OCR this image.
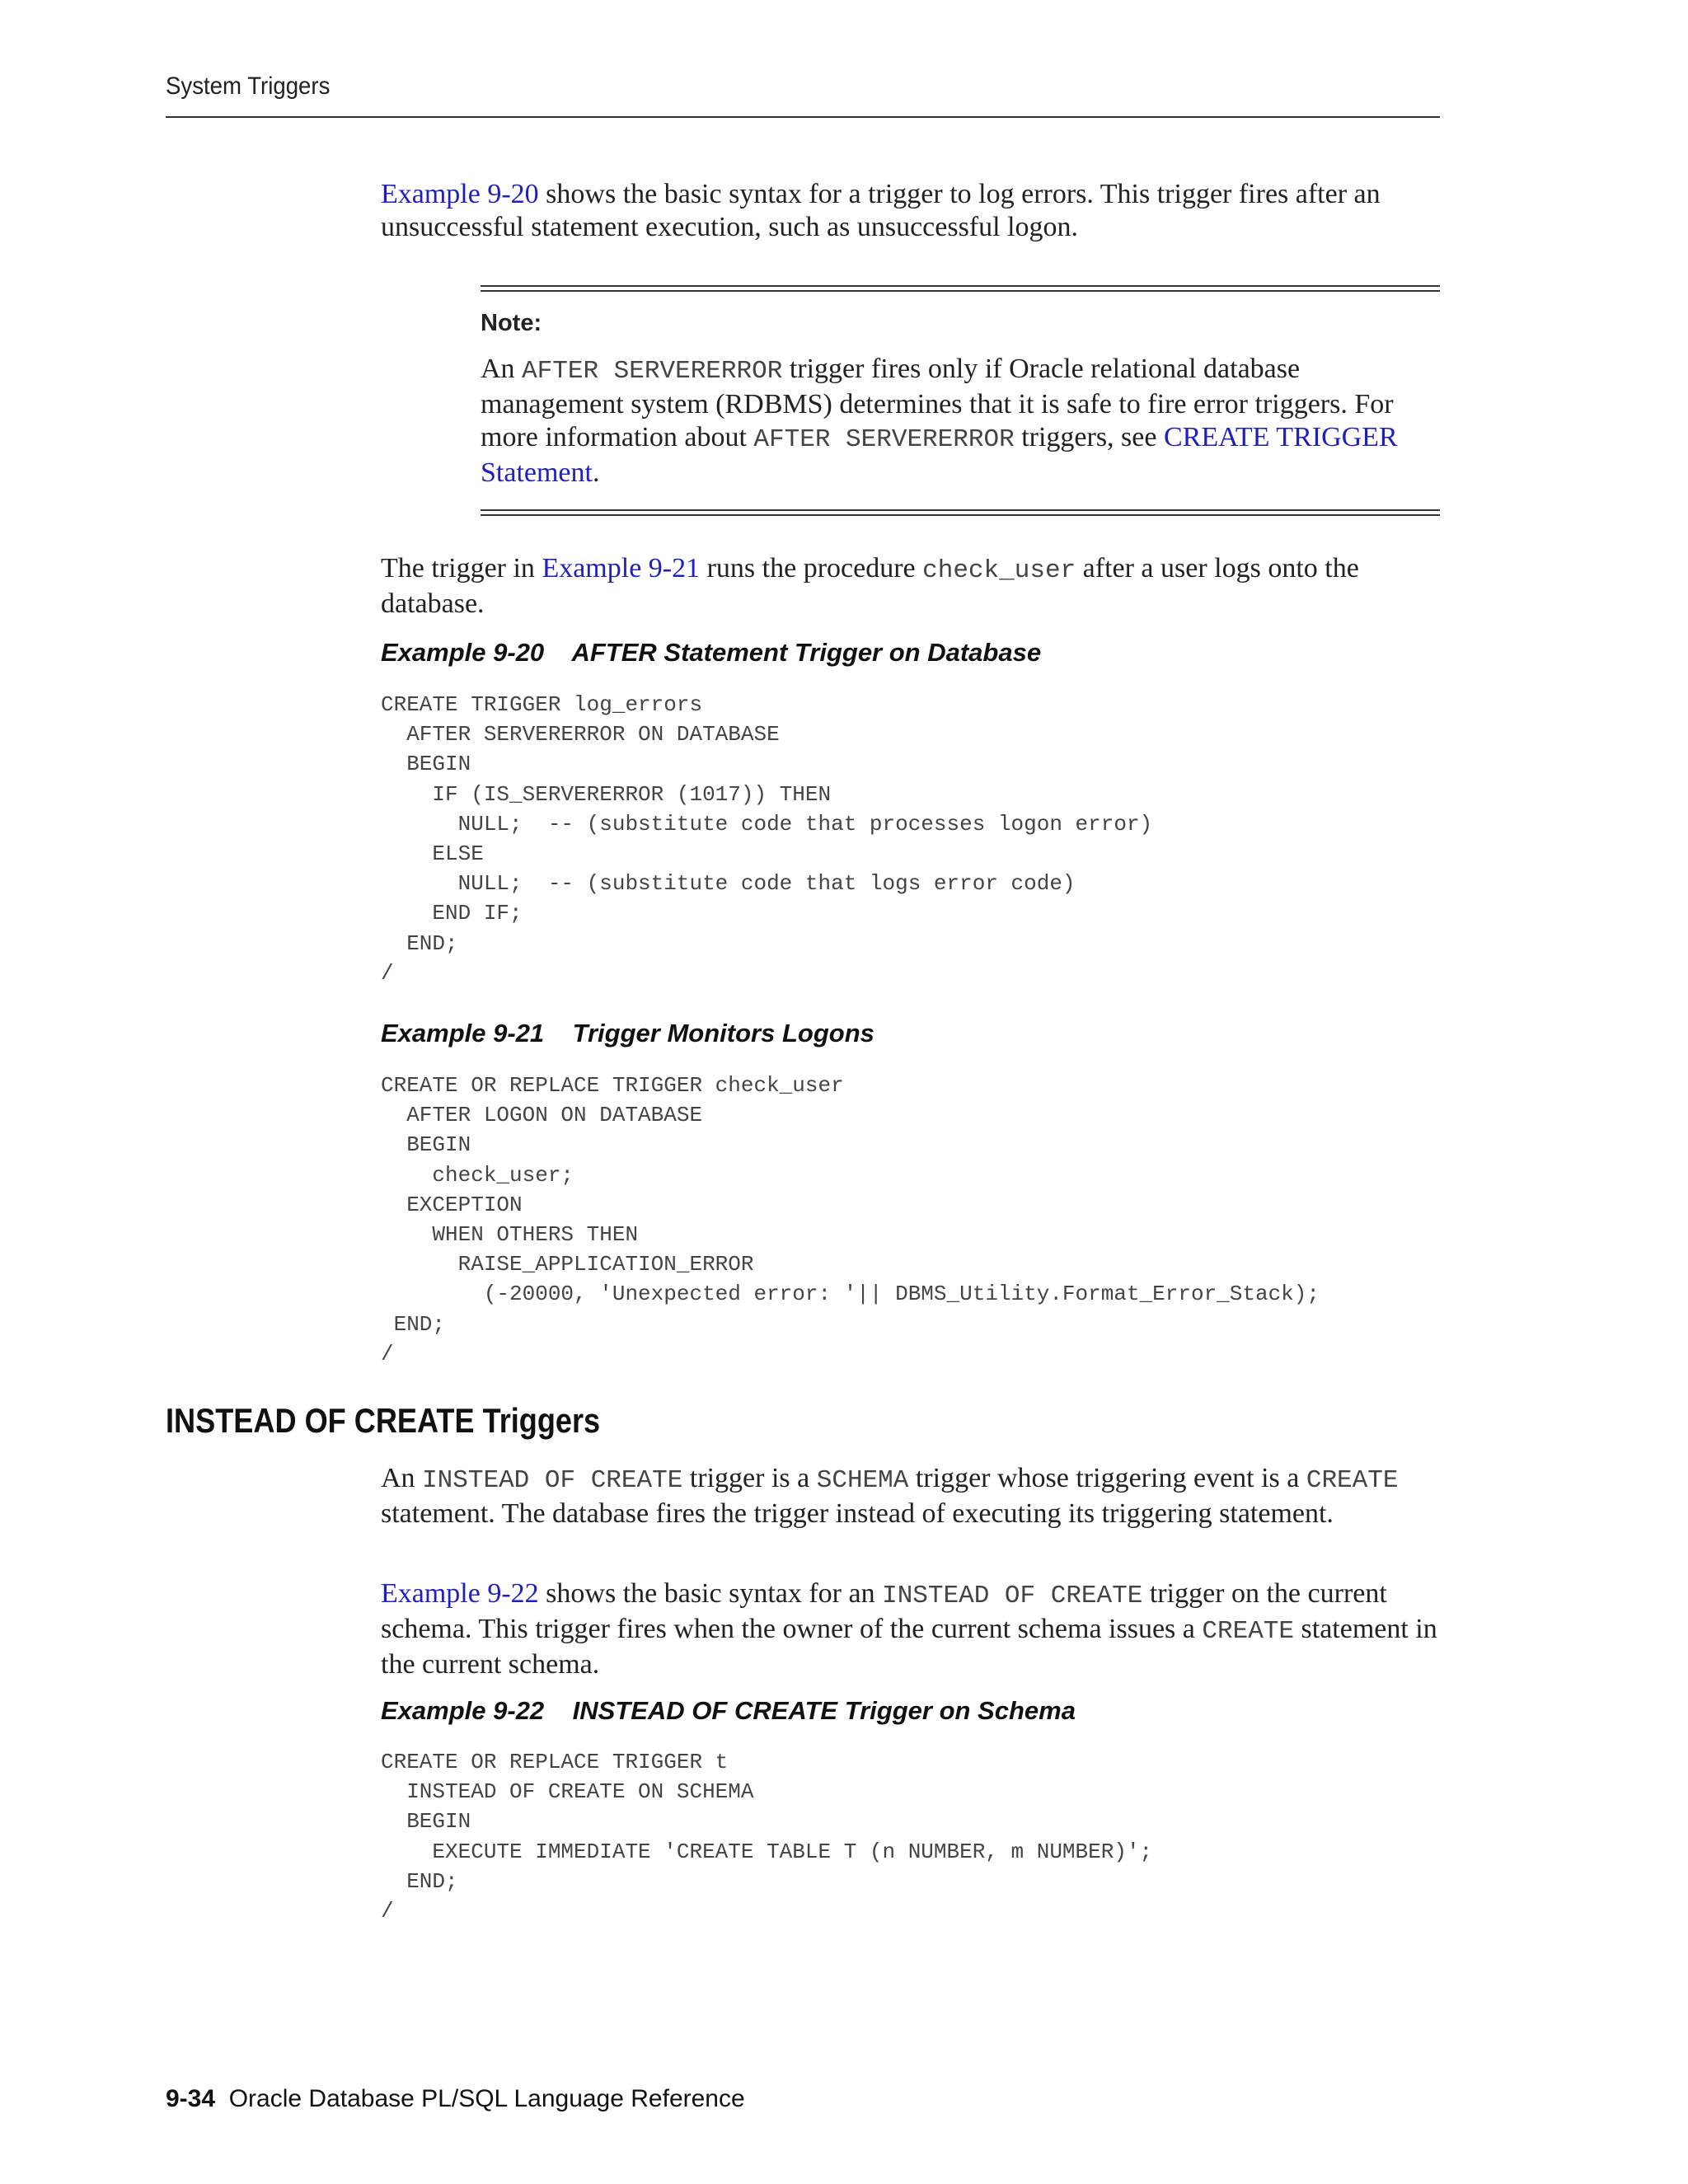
System Triggers

Example 9-20 shows the basic syntax for a trigger to log errors. This trigger fires after an unsuccessful statement execution, such as unsuccessful logon.

Note:

An AFTER SERVERERROR trigger fires only if Oracle relational database management system (RDBMS) determines that it is safe to fire error triggers. For more information about AFTER SERVERERROR triggers, see CREATE TRIGGER Statement.

The trigger in Example 9-21 runs the procedure check_user after a user logs onto the database.

Example 9-20    AFTER Statement Trigger on Database
CREATE TRIGGER log_errors
AFTER SERVERERROR ON DATABASE
BEGIN
IF (IS_SERVERERROR (1017)) THEN
NULL;  -- (substitute code that processes logon error)
ELSE
NULL;  -- (substitute code that logs error code)
END IF;
END;
/
Example 9-21    Trigger Monitors Logons
CREATE OR REPLACE TRIGGER check_user
AFTER LOGON ON DATABASE
BEGIN
check_user;
EXCEPTION
WHEN OTHERS THEN
RAISE_APPLICATION_ERROR
(-20000, 'Unexpected error: '|| DBMS_Utility.Format_Error_Stack);
END;
/
INSTEAD OF CREATE Triggers

An INSTEAD OF CREATE trigger is a SCHEMA trigger whose triggering event is a CREATE statement. The database fires the trigger instead of executing its triggering statement.

Example 9-22 shows the basic syntax for an INSTEAD OF CREATE trigger on the current schema. This trigger fires when the owner of the current schema issues a CREATE statement in the current schema.

Example 9-22    INSTEAD OF CREATE Trigger on Schema
CREATE OR REPLACE TRIGGER t
INSTEAD OF CREATE ON SCHEMA
BEGIN
EXECUTE IMMEDIATE 'CREATE TABLE T (n NUMBER, m NUMBER)';
END;
/
9-34 Oracle Database PL/SQL Language Reference
